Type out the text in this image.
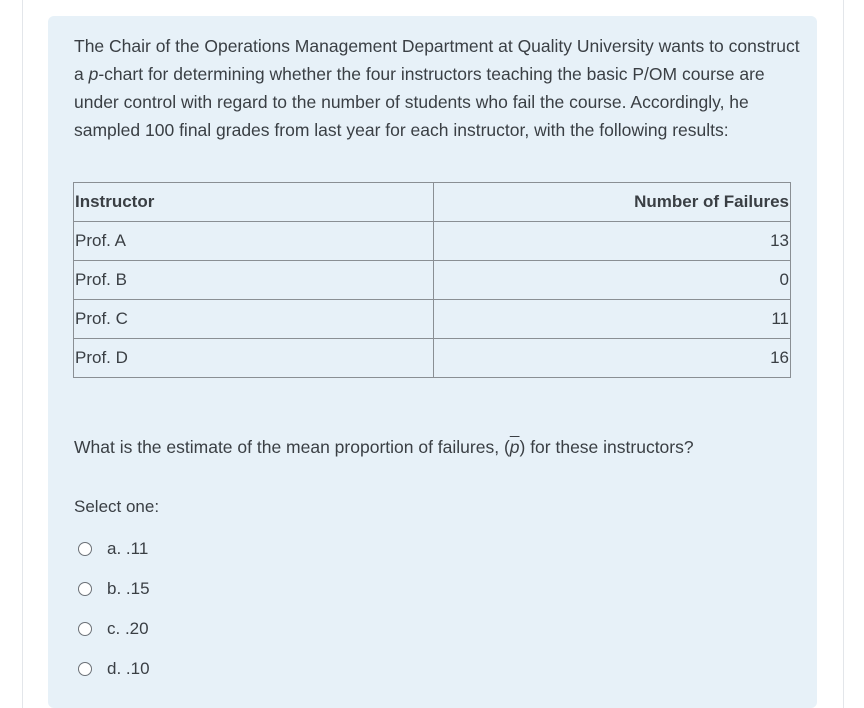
The Chair of the Operations Management Department at Quality University wants to construct a p-chart for determining whether the four instructors teaching the basic P/OM course are under control with regard to the number of students who fail the course. Accordingly, he sampled 100 final grades from last year for each instructor, with the following results:

Instructor	Number of Failures
Prof. A	13
Prof. B	0
Prof. C	11
Prof. D	16

What is the estimate of the mean proportion of failures, $(\overline{p})$ for these instructors?

Select one:
a. .11
b. .15
c. .20
d. .10
